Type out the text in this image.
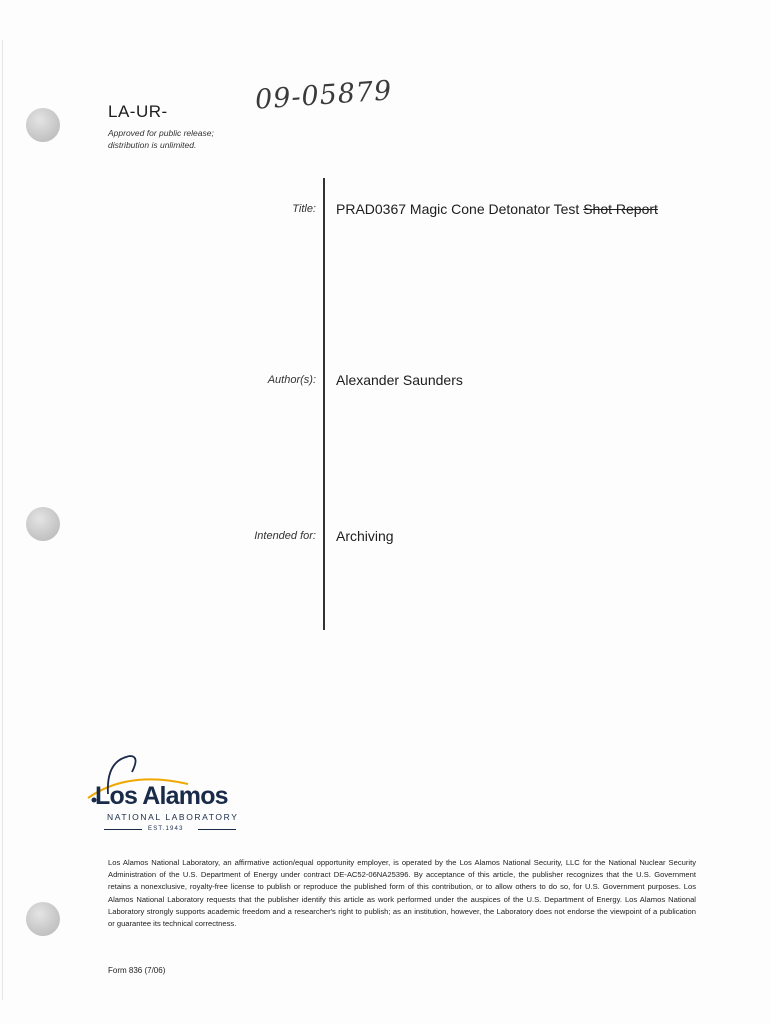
LA-UR-	09-05879
Approved for public release;
distribution is unlimited.
Title: PRAD0367 Magic Cone Detonator Test Shot Report
Author(s): Alexander Saunders
Intended for: Archiving
Los Alamos
NATIONAL LABORATORY
EST.1943
Los Alamos National Laboratory, an affirmative action/equal opportunity employer, is operated by the Los Alamos National Security, LLC for the National Nuclear Security Administration of the U.S. Department of Energy under contract DE-AC52-06NA25396. By acceptance of this article, the publisher recognizes that the U.S. Government retains a nonexclusive, royalty-free license to publish or reproduce the published form of this contribution, or to allow others to do so, for U.S. Government purposes. Los Alamos National Laboratory requests that the publisher identify this article as work performed under the auspices of the U.S. Department of Energy. Los Alamos National Laboratory strongly supports academic freedom and a researcher's right to publish; as an institution, however, the Laboratory does not endorse the viewpoint of a publication or guarantee its technical correctness.
Form 836 (7/06)
